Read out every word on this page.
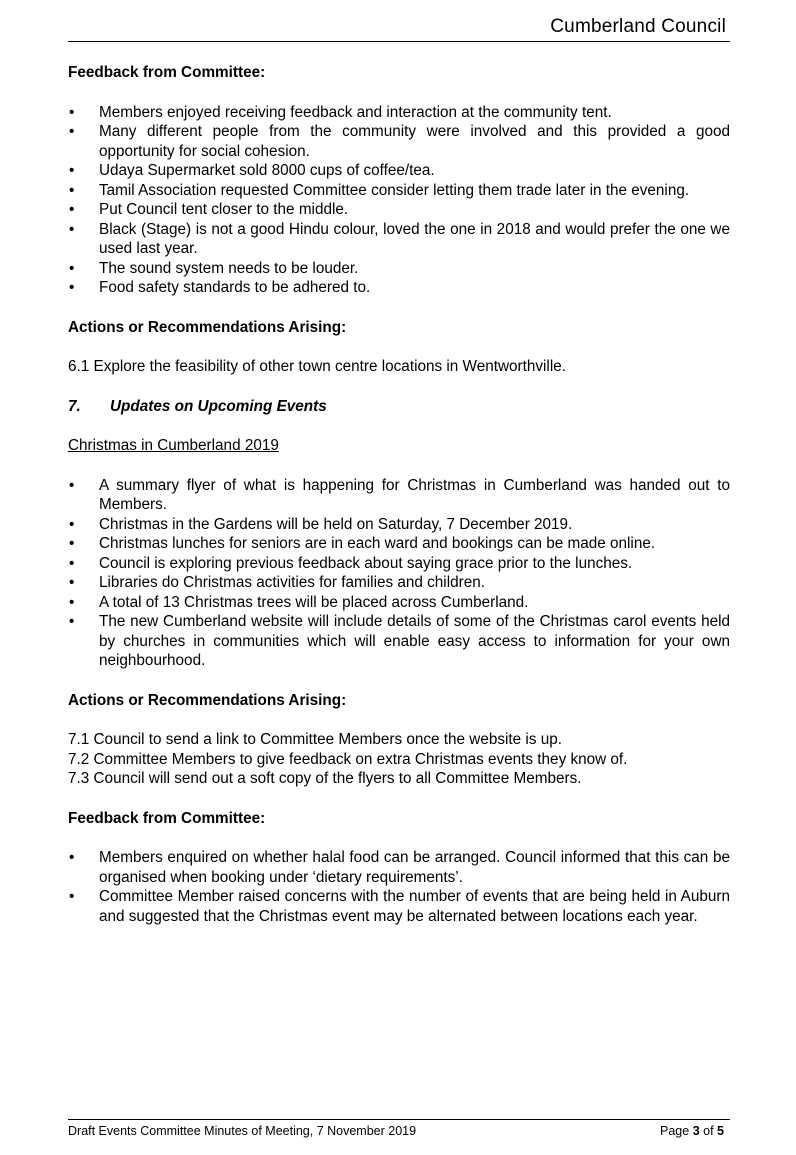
Cumberland Council

Feedback from Committee:

• Members enjoyed receiving feedback and interaction at the community tent.
• Many different people from the community were involved and this provided a good opportunity for social cohesion.
• Udaya Supermarket sold 8000 cups of coffee/tea.
• Tamil Association requested Committee consider letting them trade later in the evening.
• Put Council tent closer to the middle.
• Black (Stage) is not a good Hindu colour, loved the one in 2018 and would prefer the one we used last year.
• The sound system needs to be louder.
• Food safety standards to be adhered to.

Actions or Recommendations Arising:

6.1 Explore the feasibility of other town centre locations in Wentworthville.

7.	Updates on Upcoming Events

Christmas in Cumberland 2019

• A summary flyer of what is happening for Christmas in Cumberland was handed out to Members.
• Christmas in the Gardens will be held on Saturday, 7 December 2019.
• Christmas lunches for seniors are in each ward and bookings can be made online.
• Council is exploring previous feedback about saying grace prior to the lunches.
• Libraries do Christmas activities for families and children.
• A total of 13 Christmas trees will be placed across Cumberland.
• The new Cumberland website will include details of some of the Christmas carol events held by churches in communities which will enable easy access to information for your own neighbourhood.

Actions or Recommendations Arising:

7.1 Council to send a link to Committee Members once the website is up.

7.2 Committee Members to give feedback on extra Christmas events they know of.

7.3 Council will send out a soft copy of the flyers to all Committee Members.

Feedback from Committee:

• Members enquired on whether halal food can be arranged. Council informed that this can be organised when booking under ‘dietary requirements’.
• Committee Member raised concerns with the number of events that are being held in Auburn and suggested that the Christmas event may be alternated between locations each year.
Draft Events Committee Minutes of Meeting, 7 November 2019	Page 3 of 5
